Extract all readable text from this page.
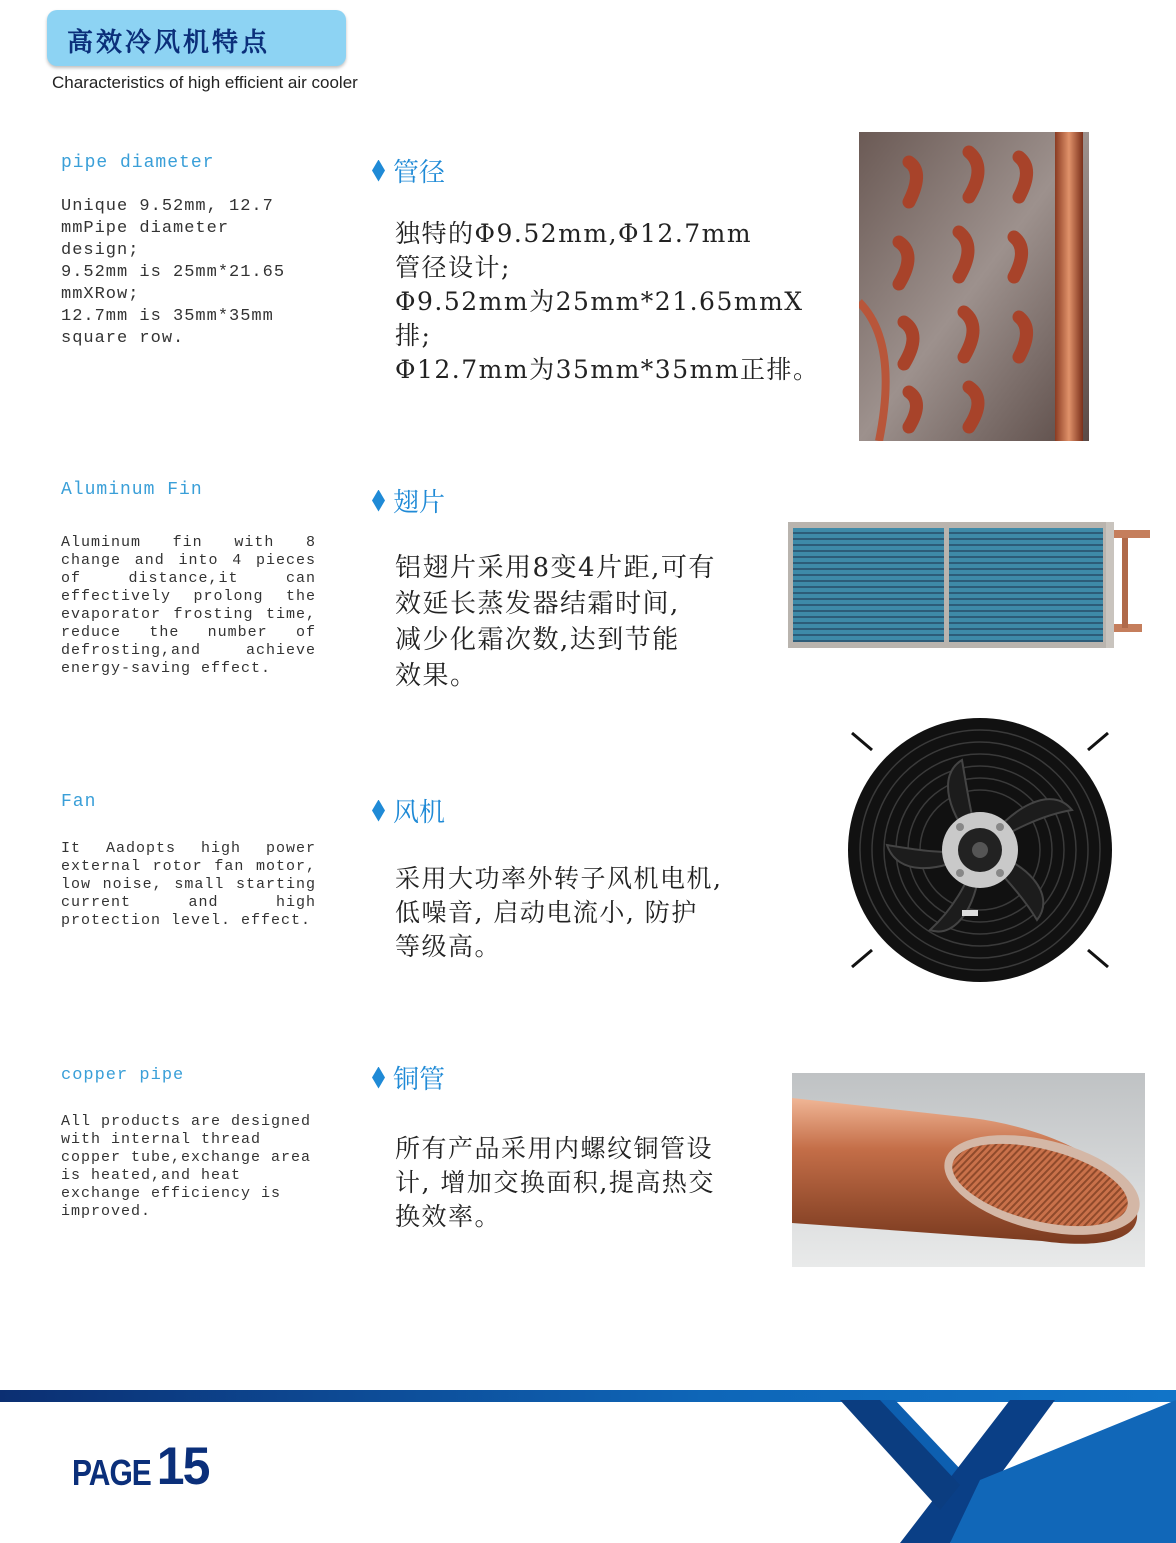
高效冷风机特点
Characteristics of high efficient air cooler
pipe diameter
Unique 9.52mm, 12.7
mmPipe diameter
design;
9.52mm is 25mm*21.65
mmXRow;
12.7mm is 35mm*35mm
square row.
管径
独特的Φ9.52mm,Φ12.7mm
管径设计;
Φ9.52mm为25mm*21.65mmX
排;
Φ12.7mm为35mm*35mm正排。
Aluminum Fin
Aluminum fin with 8 change and into 4 pieces of distance,it can effectively prolong the evaporator frosting time, reduce the number of defrosting,and achieve energy-saving effect.
翅片
铝翅片采用8变4片距,可有
效延长蒸发器结霜时间,
减少化霜次数,达到节能
效果。
Fan
It Aadopts high power external rotor fan motor, low noise, small starting current and high protection level. effect.
风机
采用大功率外转子风机电机,
低噪音, 启动电流小, 防护
等级高。
copper pipe
All products are designed
with internal thread
copper tube,exchange area
is heated,and heat
exchange efficiency is
improved.
铜管
所有产品采用内螺纹铜管设
计, 增加交换面积,提高热交
换效率。
PAGE 15
